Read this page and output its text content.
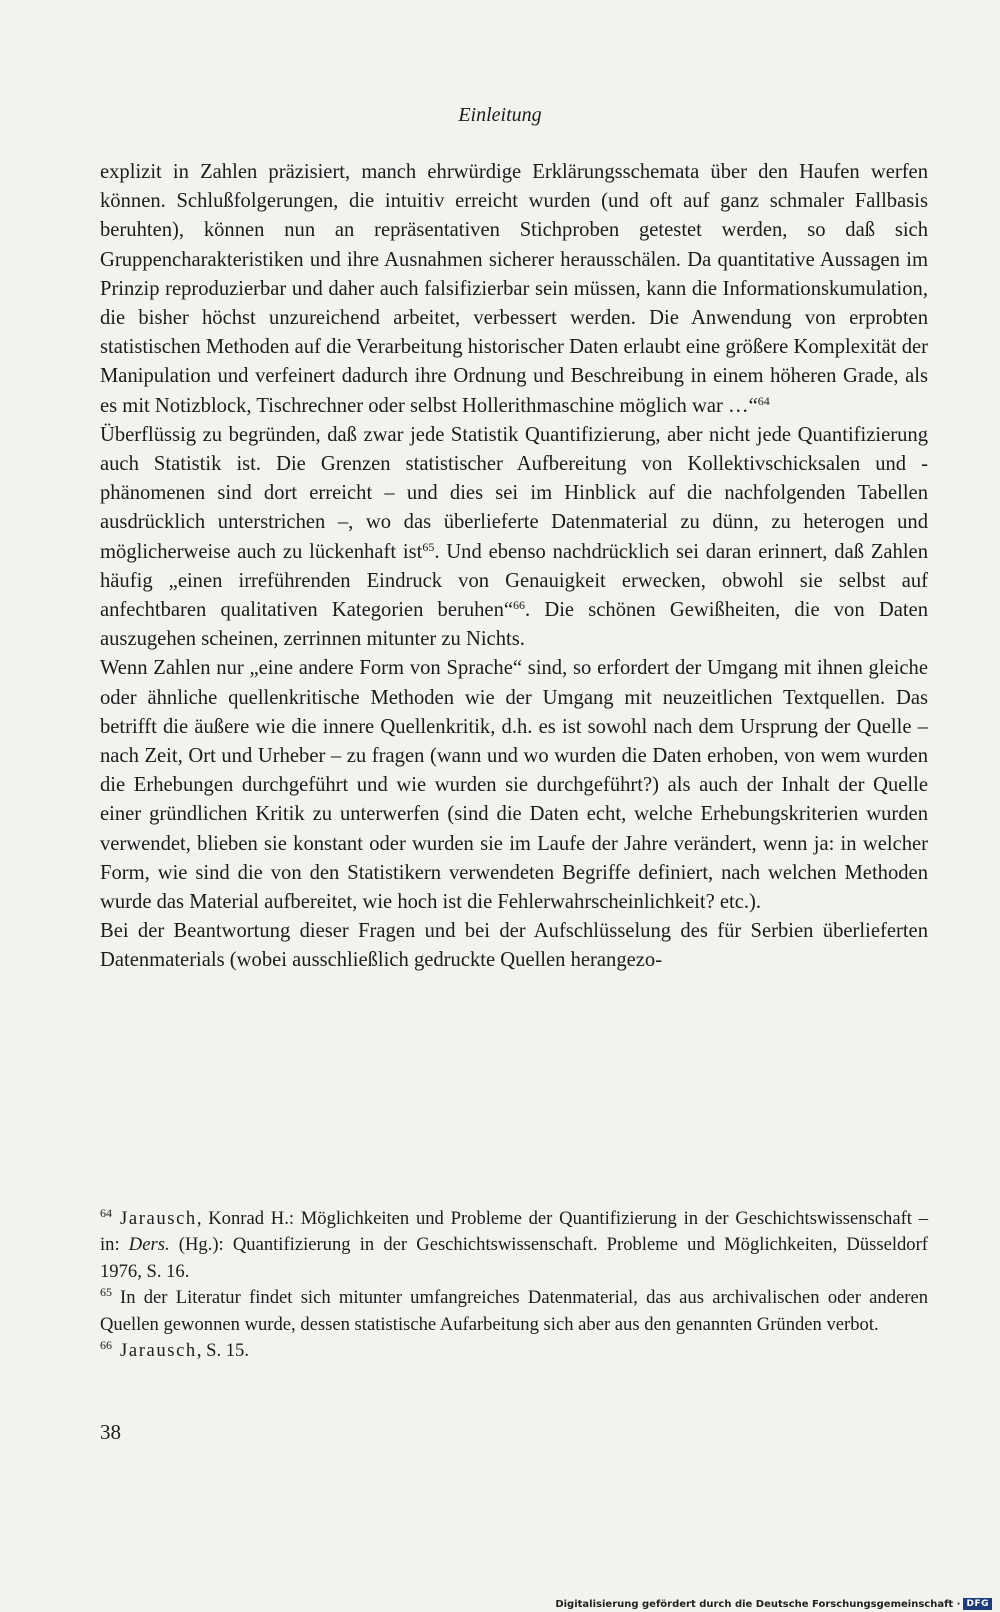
Einleitung

explizit in Zahlen präzisiert, manch ehrwürdige Erklärungsschemata über den Haufen werfen können. Schlußfolgerungen, die intuitiv erreicht wurden (und oft auf ganz schmaler Fallbasis beruhten), können nun an repräsentativen Stichproben getestet werden, so daß sich Gruppencharakteristiken und ihre Ausnahmen sicherer herausschälen. Da quantitative Aussagen im Prinzip reproduzierbar und daher auch falsifizierbar sein müssen, kann die Informationskumulation, die bisher höchst unzureichend arbeitet, verbessert werden. Die Anwendung von erprobten statistischen Methoden auf die Verarbeitung historischer Daten erlaubt eine größere Komplexität der Manipulation und verfeinert dadurch ihre Ordnung und Beschreibung in einem höheren Grade, als es mit Notizblock, Tischrechner oder selbst Hollerithmaschine möglich war …“$^{64}$

Überflüssig zu begründen, daß zwar jede Statistik Quantifizierung, aber nicht jede Quantifizierung auch Statistik ist. Die Grenzen statistischer Aufbereitung von Kollektivschicksalen und -phänomenen sind dort erreicht – und dies sei im Hinblick auf die nachfolgenden Tabellen ausdrücklich unterstrichen –, wo das überlieferte Datenmaterial zu dünn, zu heterogen und möglicherweise auch zu lückenhaft ist$^{65}$. Und ebenso nachdrücklich sei daran erinnert, daß Zahlen häufig „einen irreführenden Eindruck von Genauigkeit erwecken, obwohl sie selbst auf anfechtbaren qualitativen Kategorien beruhen“$^{66}$. Die schönen Gewißheiten, die von Daten auszugehen scheinen, zerrinnen mitunter zu Nichts.

Wenn Zahlen nur „eine andere Form von Sprache“ sind, so erfordert der Umgang mit ihnen gleiche oder ähnliche quellenkritische Methoden wie der Umgang mit neuzeitlichen Textquellen. Das betrifft die äußere wie die innere Quellenkritik, d.h. es ist sowohl nach dem Ursprung der Quelle – nach Zeit, Ort und Urheber – zu fragen (wann und wo wurden die Daten erhoben, von wem wurden die Erhebungen durchgeführt und wie wurden sie durchgeführt?) als auch der Inhalt der Quelle einer gründlichen Kritik zu unterwerfen (sind die Daten echt, welche Erhebungskriterien wurden verwendet, blieben sie konstant oder wurden sie im Laufe der Jahre verändert, wenn ja: in welcher Form, wie sind die von den Statistikern verwendeten Begriffe definiert, nach welchen Methoden wurde das Material aufbereitet, wie hoch ist die Fehlerwahrscheinlichkeit? etc.).

Bei der Beantwortung dieser Fragen und bei der Aufschlüsselung des für Serbien überlieferten Datenmaterials (wobei ausschließlich gedruckte Quellen herangezo-

$^{64}$ Jarausch, Konrad H.: Möglichkeiten und Probleme der Quantifizierung in der Geschichtswissenschaft – in: Ders. (Hg.): Quantifizierung in der Geschichtswissenschaft. Probleme und Möglichkeiten, Düsseldorf 1976, S. 16.

$^{65}$ In der Literatur findet sich mitunter umfangreiches Datenmaterial, das aus archivalischen oder anderen Quellen gewonnen wurde, dessen statistische Aufarbeitung sich aber aus den genannten Gründen verbot.

$^{66}$ Jarausch, S. 15.

38
Digitalisierung gefördert durch die Deutsche Forschungsgemeinschaft · DFG
